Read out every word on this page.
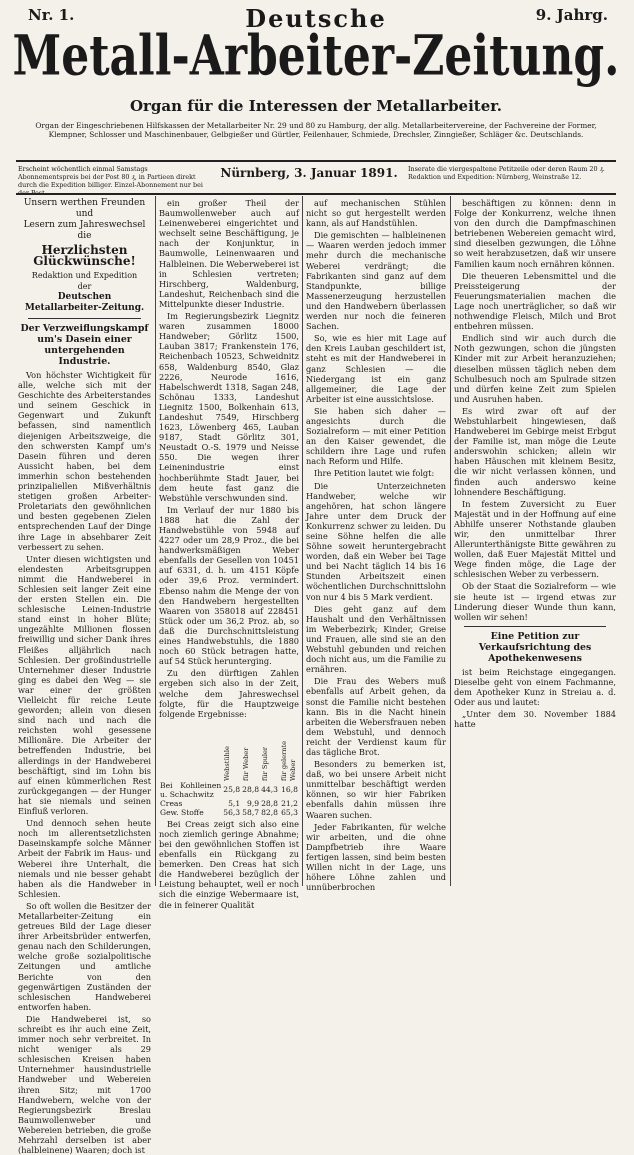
Nr. 1.	Deutsche	9. Jahrg.
Metall-Arbeiter-Zeitung.
Organ für die Interessen der Metallarbeiter.
Organ der Eingeschriebenen Hilfskassen der Metallarbeiter Nr. 29 und 80 zu Hamburg, der allg. Metallarbeitervereine, der Fachvereine der Former, Klempner, Schlosser und Maschinenbauer, Gelbgießer und Gürtler, Feilenhauer, Schmiede, Drechsler, Zinngießer, Schläger &c. Deutschlands.
Erscheint wöchentlich einmal Samstags Abonnementspreis bei der Post 80 ₰, in Partieen direkt durch die Expedition billiger. Einzel-Abonnement nur bei der Post.
Nürnberg, 3. Januar 1891.	Inserate die viergespaltene Petitzeile oder deren Raum 20 ₰. Redaktion und Expedition: Nürnberg, Weinstraße 12.
Unsern werthen Freunden und
Lesern zum Jahreswechsel die
Herzlichsten Glückwünsche!
Redaktion und Expedition
der
Deutschen Metallarbeiter-Zeitung.
Der Verzweiflungskampf um's Dasein einer untergehenden Industrie.

Von höchster Wichtigkeit für alle, welche sich mit der Geschichte des Arbeiterstandes und seinem Geschick in Gegenwart und Zukunft befassen, sind namentlich diejenigen Arbeitszweige, die den schwersten Kampf um's Dasein führen und deren Aussicht haben, bei dem immerhin schon bestehenden prinzipaliellen Mißverhältnis stetigen großen Arbeiter-Proletariats den gewöhnlichen und besten gegebenen Zielen entsprechenden Lauf der Dinge ihre Lage in absehbarer Zeit verbessert zu sehen.

Unter diesen wichtigsten und elendesten Arbeitsgruppen nimmt die Handweberei in Schlesien seit langer Zeit eine der ersten Stellen ein. Die schlesische Leinen-Industrie stand einst in hoher Blüte; ungezählte Millionen flossen freiwillig und sicher Dank ihres Fleißes alljährlich nach Schlesien. Der großindustrielle Unternehmer dieser Industrie ging es dabei den Weg — sie war einer der größten Vielleicht für reiche Leute geworden; allein von diesen sind nach und nach die reichsten wohl gesessene Millionäre. Die Arbeiter der betreffenden Industrie, bei allerdings in der Handweberei beschäftigt, sind im Lohn bis auf einen kümmerlichen Rest zurückgegangen — der Hunger hat sie niemals und seinen Einfluß verloren.

Und dennoch sehen heute noch im allerentsetzlichsten Daseinskampfe solche Männer Arbeit der Fabrik im Haus- und Weberei ihre Unterhalt, die niemals und nie besser gehabt haben als die Handweber in Schlesien.

So oft wollen die Besitzer der Metallarbeiter-Zeitung ein getreues Bild der Lage dieser ihrer Arbeitsbrüder entwerfen, genau nach den Schilderungen, welche große sozialpolitische Zeitungen und amtliche Berichte von den gegenwärtigen Zuständen der schlesischen Handweberei entworfen haben.

Die Handweberei ist, so schreibt es ihr auch eine Zeit, immer noch sehr verbreitet. In nicht weniger als 29 schlesischen Kreisen haben Unternehmer hausindustrielle Handweber und Webereien ihren Sitz; mit 1700 Handwebern, welche von der Regierungsbezirk Breslau Baumwollenweber und Webereien betrieben, die große Mehrzahl derselben ist aber (halbleinene) Waaren; doch ist

ein großer Theil der Baumwollenweber auch auf Leinenweberei eingerichtet und wechselt seine Beschäftigung, je nach der Konjunktur, in Baumwolle, Leinenwaaren und Halbleinen. Die Weberweberei ist in Schlesien vertreten; Hirschberg, Waldenburg, Landeshut, Reichenbach sind die Mittelpunkte dieser Industrie.

Im Regierungsbezirk Liegnitz waren zusammen 18000 Handweber; Görlitz 1500, Lauban 3817; Frankenstein 176, Reichenbach 10523, Schweidnitz 658, Waldenburg 8540, Glaz 2226, Neurode 1616, Habelschwerdt 1318, Sagan 248, Schönau 1333, Landeshut Liegnitz 1500, Bolkenhain 613, Landeshut 7549, Hirschberg 1623, Löwenberg 465, Lauban 9187, Stadt Görlitz 301, Neustadt O.-S. 1979 und Neisse 550. Die wegen ihrer Leinenindustrie einst hochberühmte Stadt Jauer, bei dem heute fast ganz die Webstühle verschwunden sind.

Im Verlauf der nur 1880 bis 1888 hat die Zahl der Handwebstühle von 5948 auf 4227 oder um 28,9 Proz., die bei handwerksmäßigen Weber ebenfalls der Gesellen von 10451 auf 6331, d. h. um 4151 Köpfe oder 39,6 Proz. vermindert. Ebenso nahm die Menge der von den Handwebern hergestellten Waaren von 358018 auf 228451 Stück oder um 36,2 Proz. ab, so daß die Durchschnittsleistung eines Handwebstuhls, die 1880 noch 60 Stück betragen hatte, auf 54 Stück herunterging.

Zu den dürftigen Zahlen ergeben sich also in der Zeit, welche dem Jahreswechsel folgte, für die Hauptzweige folgende Ergebnisse:

	Webstühle	für Weber	für Spuler	für gelernte Weber

Bei Kohlleinen u. Schachwitz	25,8	28,8	44,3	16,8
Creas	5,1	9,9	28,8	21,2
Gew. Stoffe	56,3	58,7	82,8	65,3

Bei Creas zeigt sich also eine noch ziemlich geringe Abnahme; bei den gewöhnlichen Stoffen ist ebenfalls ein Rückgang zu bemerken. Den Creas hat sich die Handweberei bezüglich der Leistung behauptet, weil er noch sich die einzige Webermaare ist, die in feinerer Qualität

auf mechanischen Stühlen nicht so gut hergestellt werden kann, als auf Handstühlen.

Die gemischten — halbleinenen — Waaren werden jedoch immer mehr durch die mechanische Weberei verdrängt; die Fabrikanten sind ganz auf dem Standpunkte, billige Massenerzeugung herzustellen und den Handwebern überlassen werden nur noch die feineren Sachen.

So, wie es hier mit Lage auf den Kreis Lauban geschildert ist, steht es mit der Handweberei in ganz Schlesien — die Niedergang ist ein ganz allgemeiner, die Lage der Arbeiter ist eine aussichtslose.

Sie haben sich daher — angesichts durch die Sozialreform — mit einer Petition an den Kaiser gewendet, die schildern ihre Lage und rufen nach Reform und Hilfe.

Ihre Petition lautet wie folgt:

Die Unterzeichneten Handweber, welche wir angehören, hat schon längere Jahre unter dem Druck der Konkurrenz schwer zu leiden. Du seine Söhne helfen die alle Söhne soweit heruntergebracht worden, daß ein Weber bei Tage und bei Nacht täglich 14 bis 16 Stunden Arbeitszeit einen wöchentlichen Durchschnittslohn von nur 4 bis 5 Mark verdient.

Dies geht ganz auf dem Haushalt und den Verhältnissen im Weberbezirk; Kinder, Greise und Frauen, alle sind sie an den Webstuhl gebunden und reichen doch nicht aus, um die Familie zu ernähren.

Die Frau des Webers muß ebenfalls auf Arbeit gehen, da sonst die Familie nicht bestehen kann. Bis in die Nacht hinein arbeiten die Webersfrauen neben dem Webstuhl, und dennoch reicht der Verdienst kaum für das tägliche Brot.

Besonders zu bemerken ist, daß, wo bei unsere Arbeit nicht unmittelbar beschäftigt werden können, so wir hier Fabriken ebenfalls dahin müssen ihre Waaren suchen.

Jeder Fabrikanten, für welche wir arbeiten, und die ohne Dampfbetrieb ihre Waare fertigen lassen, sind beim besten Willen nicht in der Lage, uns höhere Löhne zahlen und unnüberbrochen

beschäftigen zu können: denn in Folge der Konkurrenz, welche ihnen von den durch die Dampfmaschinen betriebenen Webereien gemacht wird, sind dieselben gezwungen, die Löhne so weit herabzusetzen, daß wir unsere Familien kaum noch ernähren können.

Die theueren Lebensmittel und die Preissteigerung der Feuerungsmaterialien machen die Lage noch unerträglicher, so daß wir nothwendige Fleisch, Milch und Brot entbehren müssen.

Endlich sind wir auch durch die Noth gezwungen, schon die jüngsten Kinder mit zur Arbeit heranzuziehen; dieselben müssen täglich neben dem Schulbesuch noch am Spulrade sitzen und dürfen keine Zeit zum Spielen und Ausruhen haben.

Es wird zwar oft auf der Webstuhlarbeit hingewiesen, daß Handweberei im Gebirge meist Erbgut der Familie ist, man möge die Leute anderswohin schicken; allein wir haben Häuschen mit kleinem Besitz, die wir nicht verlassen können, und finden auch anderswo keine lohnendere Beschäftigung.

In festem Zuversicht zu Euer Majestät und in der Hoffnung auf eine Abhilfe unserer Nothstande glauben wir, den unmittelbar Ihrer Allerunterthänigste Bitte gewähren zu wollen, daß Euer Majestät Mittel und Wege finden möge, die Lage der schlesischen Weber zu verbessern.

Ob der Staat die Sozialreform — wie sie heute ist — irgend etwas zur Linderung dieser Wunde thun kann, wollen wir sehen!

Eine Petition zur Verkaufsrichtung des Apothekenwesens

ist beim Reichstage eingegangen. Dieselbe geht von einem Fachmanne, dem Apotheker Kunz in Streiau a. d. Oder aus und lautet:

„Unter dem 30. November 1884 hatte
